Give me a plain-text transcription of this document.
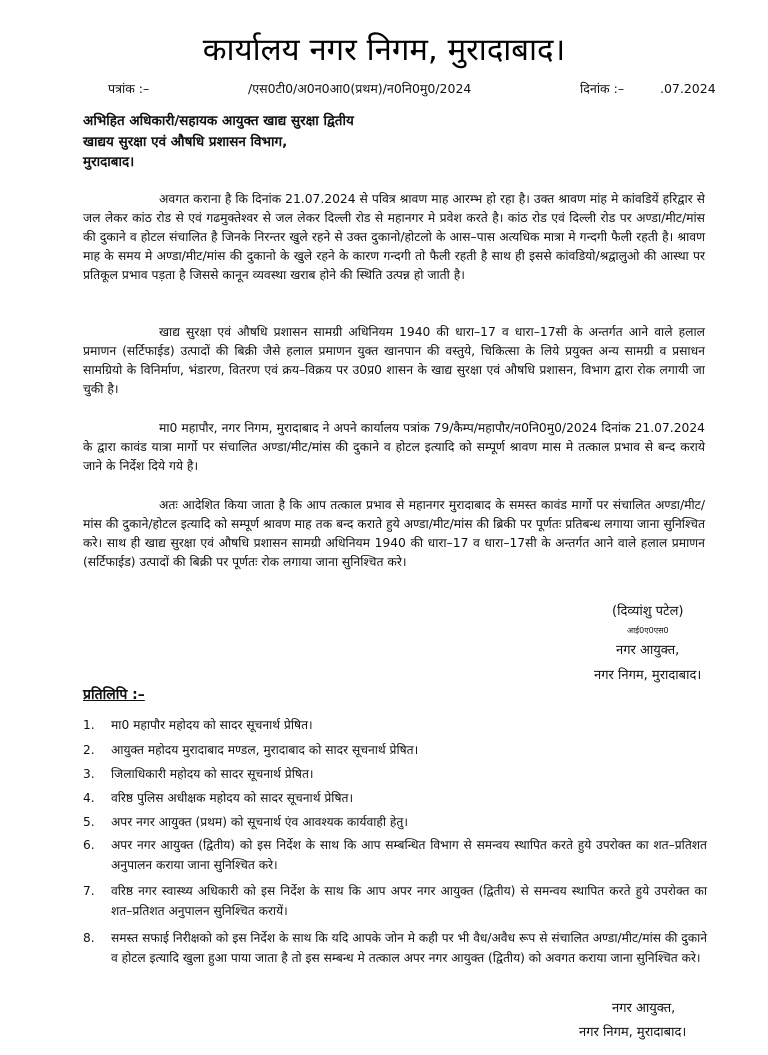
कार्यालय नगर निगम, मुरादाबाद।
पत्रांक :–	/एस0टी0/अ0न0आ0(प्रथम)/न0नि0मु0/2024	दिनांक :–	.07.2024
अभिहित अधिकारी/सहायक आयुक्त खाद्य सुरक्षा द्वितीय
खाद्यय सुरक्षा एवं औषधि प्रशासन विभाग,
मुरादाबाद।

अवगत कराना है कि दिनांक 21.07.2024 से पवित्र श्रावण माह आरम्भ हो रहा है। उक्त श्रावण मांह मे कांवडियें हरिद्वार से जल लेकर कांठ रोड से एवं गढमुक्तेश्वर से जल लेकर दिल्ली रोड से महानगर मे प्रवेश करते है। कांठ रोड एवं दिल्ली रोड पर अण्डा/मीट/मांस की दुकाने व होटल संचालित है जिनके निरन्तर खुले रहने से उक्त दुकानो/होटलो के आस–पास अत्यधिक मात्रा मे गन्दगी फैली रहती है। श्रावण माह के समय मे अण्डा/मीट/मांस की दुकानो के खुले रहने के कारण गन्दगी तो फैली रहती है साथ ही इससे कांवडियो/श्रद्वालुओ की आस्था पर प्रतिकूल प्रभाव पड़ता है जिससे कानून व्यवस्था खराब होने की स्थिति उत्पन्न हो जाती है।

खाद्य सुरक्षा एवं औषधि प्रशासन सामग्री अधिनियम 1940 की धारा–17 व धारा–17सी के अन्तर्गत आने वाले हलाल प्रमाणन (सर्टिफाईड) उत्पादों की बिक्री जैसे हलाल प्रमाणन युक्त खानपान की वस्तुये, चिकित्सा के लिये प्रयुक्त अन्य सामग्री व प्रसाधन सामग्रियो के विनिर्माण, भंडारण, वितरण एवं क्रय–विक्रय पर उ0प्र0 शासन के खाद्य सुरक्षा एवं औषधि प्रशासन, विभाग द्वारा रोक लगायी जा चुकी है।

मा0 महापौर, नगर निगम, मुरादाबाद ने अपने कार्यालय पत्रांक 79/कैम्प/महापौर/न0नि0मु0/2024 दिनांक 21.07.2024 के द्वारा कावंड यात्रा मार्गो पर संचालित अण्डा/मीट/मांस की दुकाने व होटल इत्यादि को सम्पूर्ण श्रावण मास मे तत्काल प्रभाव से बन्द कराये जाने के निर्देश दिये गये है।

अतः आदेशित किया जाता है कि आप तत्काल प्रभाव से महानगर मुरादाबाद के समस्त कावंड मार्गो पर संचालित अण्डा/मीट/मांस की दुकाने/होटल इत्यादि को सम्पूर्ण श्रावण माह तक बन्द कराते हुये अण्डा/मीट/मांस की ब्रिकी पर पूर्णतः प्रतिबन्ध लगाया जाना सुनिश्चित करे। साथ ही खाद्य सुरक्षा एवं औषधि प्रशासन सामग्री अधिनियम 1940 की धारा–17 व धारा–17सी के अन्तर्गत आने वाले हलाल प्रमाणन (सर्टिफाईड) उत्पादों की बिक्री पर पूर्णतः रोक लगाया जाना सुनिश्चित करे।

(दिव्यांशु पटेल)
आई0ए0एस0
नगर आयुक्त,
नगर निगम, मुरादाबाद।
प्रतिलिपि :–
1. मा0 महापौर महोदय को सादर सूचनार्थ प्रेषित।
2. आयुक्त महोदय मुरादाबाद मण्डल, मुरादाबाद को सादर सूचनार्थ प्रेषित।
3. जिलाधिकारी महोदय को सादर सूचनार्थ प्रेषित।
4. वरिष्ठ पुलिस अधीक्षक महोदय को सादर सूचनार्थ प्रेषित।
5. अपर नगर आयुक्त (प्रथम) को सूचनार्थ एंव आवश्यक कार्यवाही हेतु।
6. अपर नगर आयुक्त (द्वितीय) को इस निर्देश के साथ कि आप सम्बन्धित विभाग से समन्वय स्थापित करते हुये उपरोक्त का शत–प्रतिशत अनुपालन कराया जाना सुनिश्चित करे।
7. वरिष्ठ नगर स्वास्थ्य अधिकारी को इस निर्देश के साथ कि आप अपर नगर आयुक्त (द्वितीय) से समन्वय स्थापित करते हुये उपरोक्त का शत–प्रतिशत अनुपालन सुनिश्चित करायें।
8. समस्त सफाई निरीक्षको को इस निर्देश के साथ कि यदि आपके जोन मे कही पर भी वैध/अवैध रूप से संचालित अण्डा/मीट/मांस की दुकाने व होटल इत्यादि खुला हुआ पाया जाता है तो इस सम्बन्ध मे तत्काल अपर नगर आयुक्त (द्वितीय) को अवगत कराया जाना सुनिश्चित करे।
नगर आयुक्त,
नगर निगम, मुरादाबाद।
